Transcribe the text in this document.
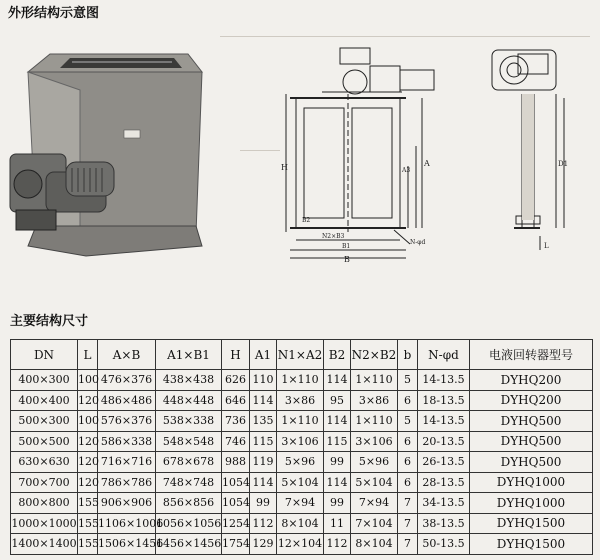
外形结构示意图
H	A
A3
B2
N2×B3
B1
B
N-φd
D1
L
主要结构尺寸
DN	L	A×B	A1×B1	H	A1	N1×A2	B2	N2×B2	b	N-φd	电液回转器型号
400×300	100	476×376	438×438	626	110	1×110	114	1×110	5	14-13.5	DYHQ200
400×400	120	486×486	448×448	646	114	3×86	95	3×86	6	18-13.5	DYHQ200
500×300	100	576×376	538×338	736	135	1×110	114	1×110	5	14-13.5	DYHQ500
500×500	120	586×338	548×548	746	115	3×106	115	3×106	6	20-13.5	DYHQ500
630×630	120	716×716	678×678	988	119	5×96	99	5×96	6	26-13.5	DYHQ500
700×700	120	786×786	748×748	1054	114	5×104	114	5×104	6	28-13.5	DYHQ1000
800×800	155	906×906	856×856	1054	99	7×94	99	7×94	7	34-13.5	DYHQ1000
1000×1000	155	1106×1006	1056×1056	1254	112	8×104	11	7×104	7	38-13.5	DYHQ1500
1400×1400	155	1506×1456	1456×1456	1754	129	12×104	112	8×104	7	50-13.5	DYHQ1500
